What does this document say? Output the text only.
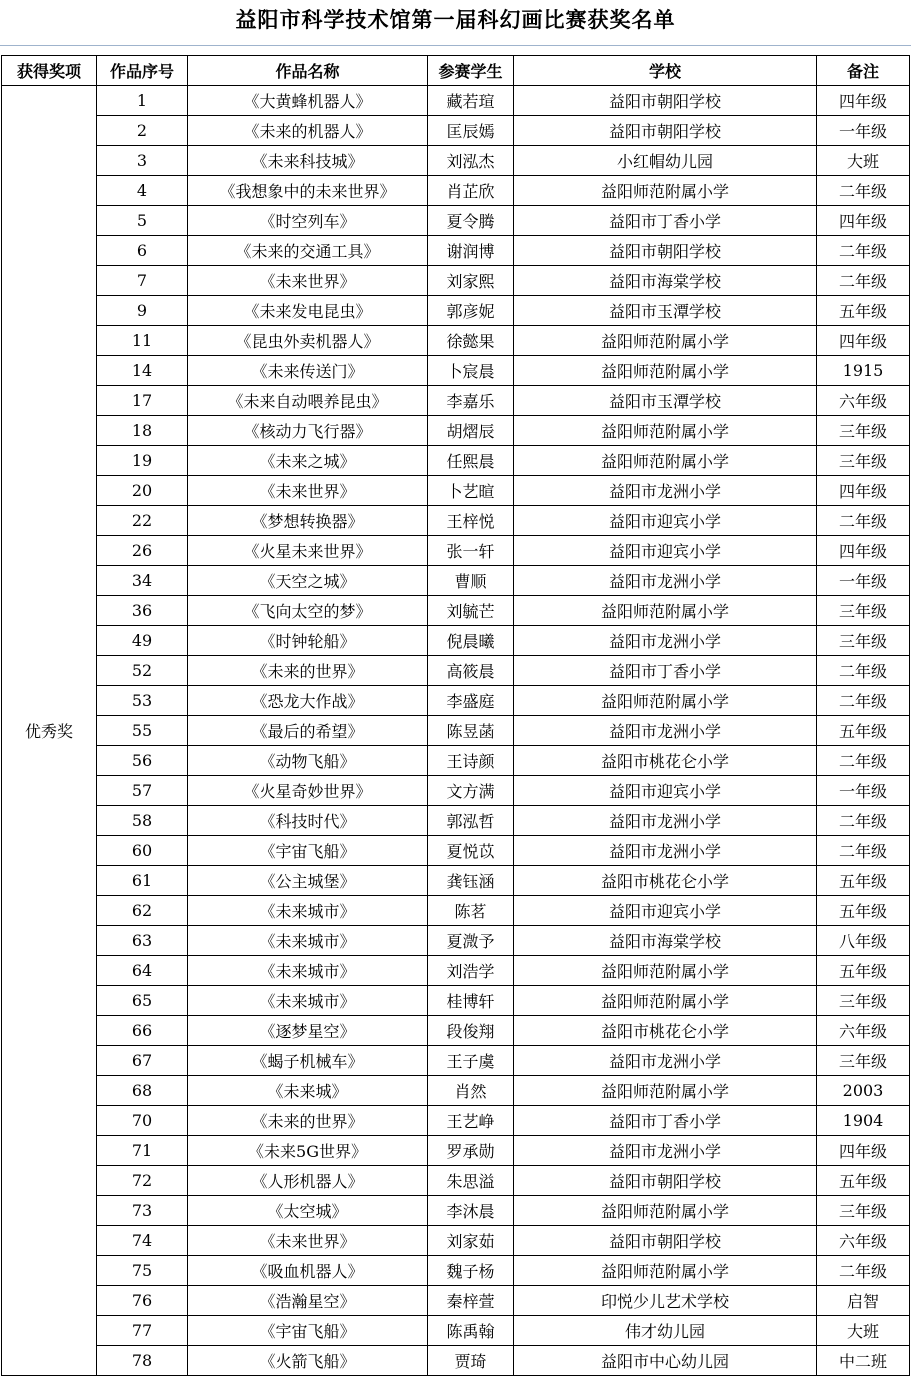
益阳市科学技术馆第一届科幻画比赛获奖名单
获得奖项	作品序号	作品名称	参赛学生	学校	备注
优秀奖	1	《大黄蜂机器人》	藏若瑄	益阳市朝阳学校	四年级
	2	《未来的机器人》	匡辰嫣	益阳市朝阳学校	一年级
	3	《未来科技城》	刘泓杰	小红帽幼儿园	大班
	4	《我想象中的未来世界》	肖芷欣	益阳师范附属小学	二年级
	5	《时空列车》	夏令腾	益阳市丁香小学	四年级
	6	《未来的交通工具》	谢润博	益阳市朝阳学校	二年级
	7	《未来世界》	刘家熙	益阳市海棠学校	二年级
	9	《未来发电昆虫》	郭彦妮	益阳市玉潭学校	五年级
	11	《昆虫外卖机器人》	徐懿果	益阳师范附属小学	四年级
	14	《未来传送门》	卜宸晨	益阳师范附属小学	1915
	17	《未来自动喂养昆虫》	李嘉乐	益阳市玉潭学校	六年级
	18	《核动力飞行器》	胡熠辰	益阳师范附属小学	三年级
	19	《未来之城》	任熙晨	益阳师范附属小学	三年级
	20	《未来世界》	卜艺暄	益阳市龙洲小学	四年级
	22	《梦想转换器》	王梓悦	益阳市迎宾小学	二年级
	26	《火星未来世界》	张一轩	益阳市迎宾小学	四年级
	34	《天空之城》	曹顺	益阳市龙洲小学	一年级
	36	《飞向太空的梦》	刘毓芒	益阳师范附属小学	三年级
	49	《时钟轮船》	倪晨曦	益阳市龙洲小学	三年级
	52	《未来的世界》	高筱晨	益阳市丁香小学	二年级
	53	《恐龙大作战》	李盛庭	益阳师范附属小学	二年级
	55	《最后的希望》	陈昱菡	益阳市龙洲小学	五年级
	56	《动物飞船》	王诗颜	益阳市桃花仑小学	二年级
	57	《火星奇妙世界》	文方满	益阳市迎宾小学	一年级
	58	《科技时代》	郭泓哲	益阳市龙洲小学	二年级
	60	《宇宙飞船》	夏悦苡	益阳市龙洲小学	二年级
	61	《公主城堡》	龚钰涵	益阳市桃花仑小学	五年级
	62	《未来城市》	陈茗	益阳市迎宾小学	五年级
	63	《未来城市》	夏溦予	益阳市海棠学校	八年级
	64	《未来城市》	刘浩学	益阳师范附属小学	五年级
	65	《未来城市》	桂博轩	益阳师范附属小学	三年级
	66	《逐梦星空》	段俊翔	益阳市桃花仑小学	六年级
	67	《蝎子机械车》	王子虞	益阳市龙洲小学	三年级
	68	《未来城》	肖然	益阳师范附属小学	2003
	70	《未来的世界》	王艺峥	益阳市丁香小学	1904
	71	《未来5G世界》	罗承勋	益阳市龙洲小学	四年级
	72	《人形机器人》	朱思溢	益阳市朝阳学校	五年级
	73	《太空城》	李沐晨	益阳师范附属小学	三年级
	74	《未来世界》	刘家茹	益阳市朝阳学校	六年级
	75	《吸血机器人》	魏子杨	益阳师范附属小学	二年级
	76	《浩瀚星空》	秦梓萱	印悦少儿艺术学校	启智
	77	《宇宙飞船》	陈禹翰	伟才幼儿园	大班
	78	《火箭飞船》	贾琦	益阳市中心幼儿园	中二班
